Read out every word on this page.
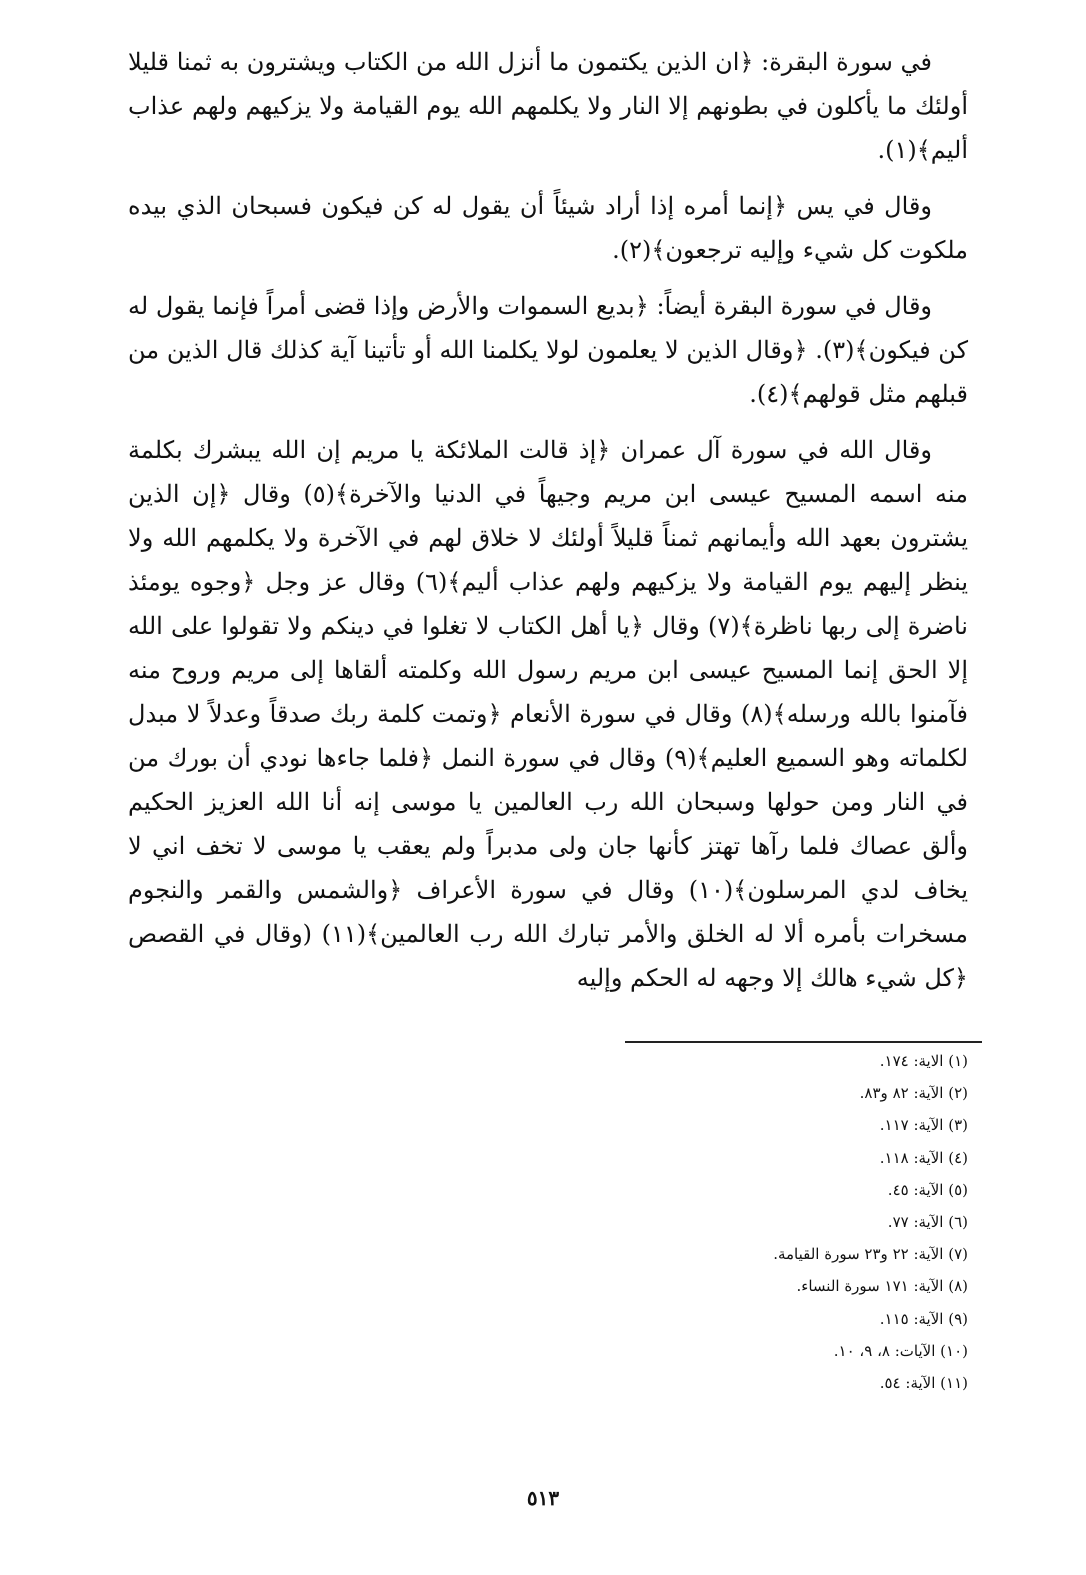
في سورة البقرة: ﴿ان الذين يكتمون ما أنزل الله من الكتاب ويشترون به ثمنا قليلا أولئك ما يأكلون في بطونهم إلا النار ولا يكلمهم الله يوم القيامة ولا يزكيهم ولهم عذاب أليم﴾(١).

وقال في يس ﴿إنما أمره إذا أراد شيئاً أن يقول له كن فيكون فسبحان الذي بيده ملكوت كل شيء وإليه ترجعون﴾(٢).

وقال في سورة البقرة أيضاً: ﴿بديع السموات والأرض وإذا قضى أمراً فإنما يقول له كن فيكون﴾(٣). ﴿وقال الذين لا يعلمون لولا يكلمنا الله أو تأتينا آية كذلك قال الذين من قبلهم مثل قولهم﴾(٤).

وقال الله في سورة آل عمران ﴿إذ قالت الملائكة يا مريم إن الله يبشرك بكلمة منه اسمه المسيح عيسى ابن مريم وجيهاً في الدنيا والآخرة﴾(٥) وقال ﴿إن الذين يشترون بعهد الله وأيمانهم ثمناً قليلاً أولئك لا خلاق لهم في الآخرة ولا يكلمهم الله ولا ينظر إليهم يوم القيامة ولا يزكيهم ولهم عذاب أليم﴾(٦) وقال عز وجل ﴿وجوه يومئذ ناضرة إلى ربها ناظرة﴾(٧) وقال ﴿يا أهل الكتاب لا تغلوا في دينكم ولا تقولوا على الله إلا الحق إنما المسيح عيسى ابن مريم رسول الله وكلمته ألقاها إلى مريم وروح منه فآمنوا بالله ورسله﴾(٨) وقال في سورة الأنعام ﴿وتمت كلمة ربك صدقاً وعدلاً لا مبدل لكلماته وهو السميع العليم﴾(٩) وقال في سورة النمل ﴿فلما جاءها نودي أن بورك من في النار ومن حولها وسبحان الله رب العالمين يا موسى إنه أنا الله العزيز الحكيم وألق عصاك فلما رآها تهتز كأنها جان ولى مدبراً ولم يعقب يا موسى لا تخف اني لا يخاف لدي المرسلون﴾(١٠) وقال في سورة الأعراف ﴿والشمس والقمر والنجوم مسخرات بأمره ألا له الخلق والأمر تبارك الله رب العالمين﴾(١١) (وقال في القصص ﴿كل شيء هالك إلا وجهه له الحكم وإليه

(١) الاية: ١٧٤.
(٢) الآية: ٨٢ و٨٣.
(٣) الآية: ١١٧.
(٤) الآية: ١١٨.
(٥) الآية: ٤٥.
(٦) الآية: ٧٧.
(٧) الآية: ٢٢ و٢٣ سورة القيامة.
(٨) الآية: ١٧١ سورة النساء.
(٩) الآية: ١١٥.
(١٠) الآيات: ٨، ٩، ١٠.
(١١) الآية: ٥٤.
٥١٣
